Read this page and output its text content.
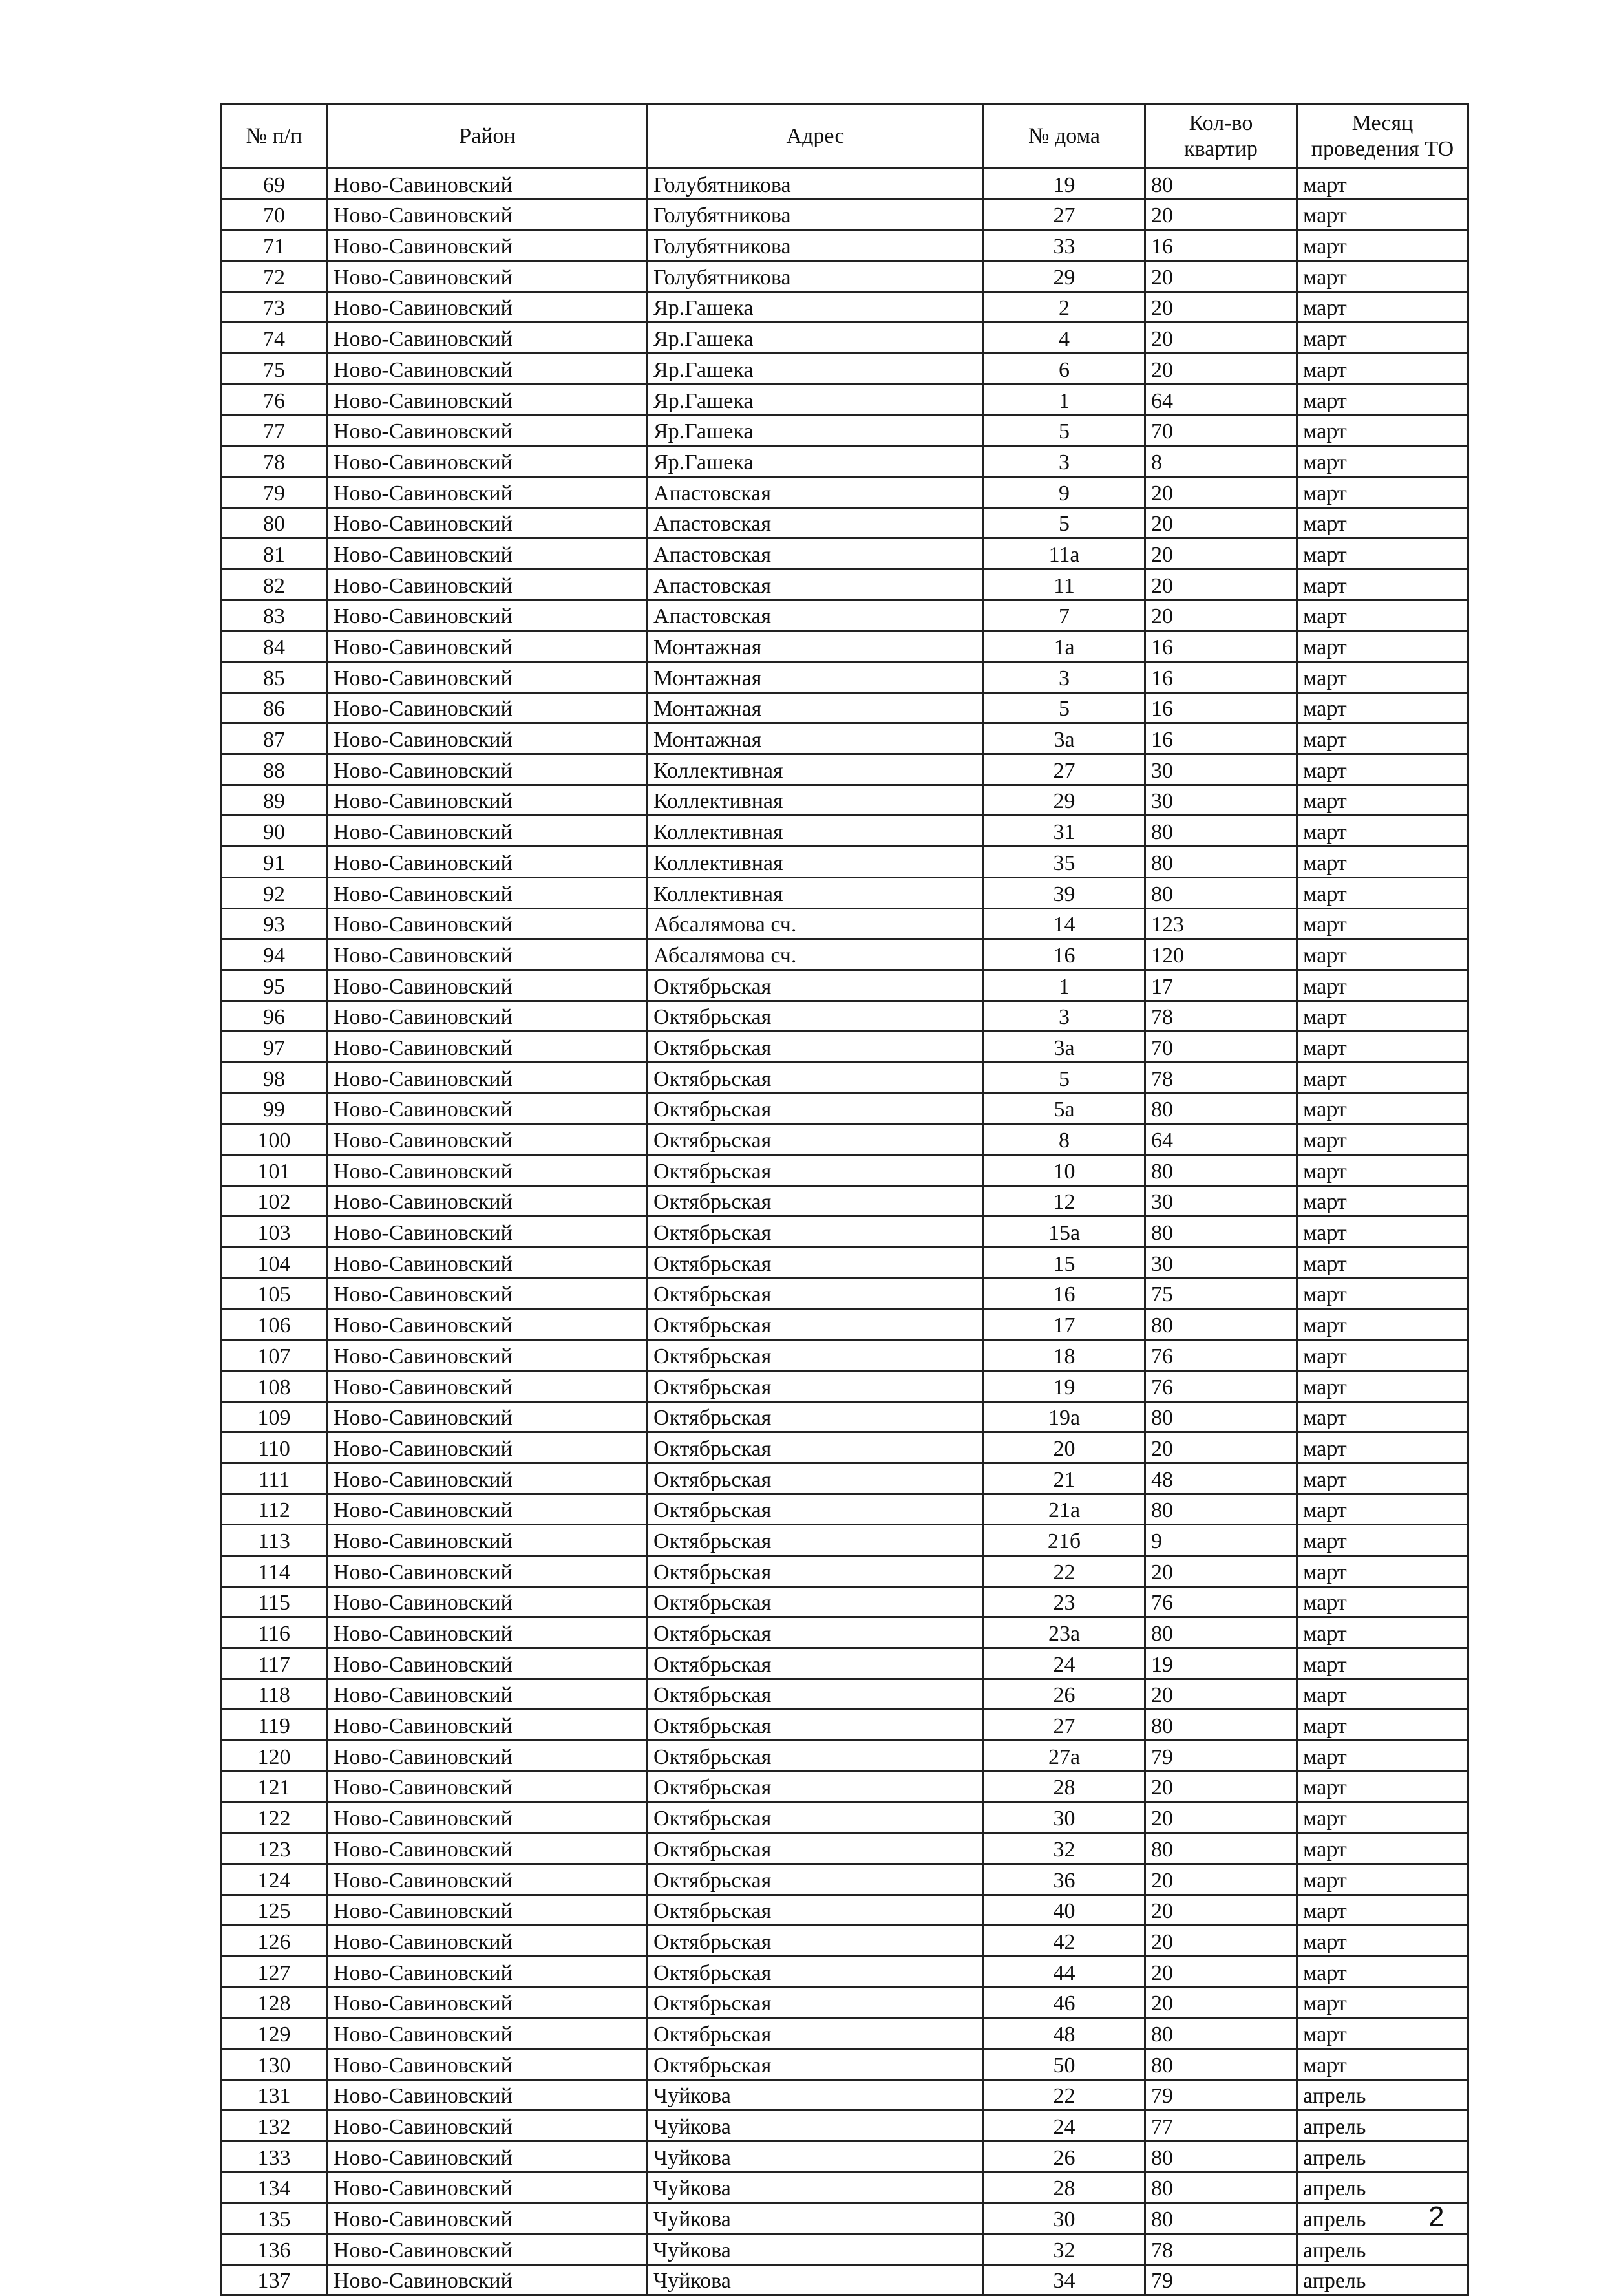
№ п/п	Район	Адрес	№ дома	Кол-во квартир	Месяц проведения ТО
69	Ново-Савиновский	Голубятникова	19	80	март
70	Ново-Савиновский	Голубятникова	27	20	март
71	Ново-Савиновский	Голубятникова	33	16	март
72	Ново-Савиновский	Голубятникова	29	20	март
73	Ново-Савиновский	Яр.Гашека	2	20	март
74	Ново-Савиновский	Яр.Гашека	4	20	март
75	Ново-Савиновский	Яр.Гашека	6	20	март
76	Ново-Савиновский	Яр.Гашека	1	64	март
77	Ново-Савиновский	Яр.Гашека	5	70	март
78	Ново-Савиновский	Яр.Гашека	3	8	март
79	Ново-Савиновский	Апастовская	9	20	март
80	Ново-Савиновский	Апастовская	5	20	март
81	Ново-Савиновский	Апастовская	11а	20	март
82	Ново-Савиновский	Апастовская	11	20	март
83	Ново-Савиновский	Апастовская	7	20	март
84	Ново-Савиновский	Монтажная	1а	16	март
85	Ново-Савиновский	Монтажная	3	16	март
86	Ново-Савиновский	Монтажная	5	16	март
87	Ново-Савиновский	Монтажная	3а	16	март
88	Ново-Савиновский	Коллективная	27	30	март
89	Ново-Савиновский	Коллективная	29	30	март
90	Ново-Савиновский	Коллективная	31	80	март
91	Ново-Савиновский	Коллективная	35	80	март
92	Ново-Савиновский	Коллективная	39	80	март
93	Ново-Савиновский	Абсалямова сч.	14	123	март
94	Ново-Савиновский	Абсалямова сч.	16	120	март
95	Ново-Савиновский	Октябрьская	1	17	март
96	Ново-Савиновский	Октябрьская	3	78	март
97	Ново-Савиновский	Октябрьская	3а	70	март
98	Ново-Савиновский	Октябрьская	5	78	март
99	Ново-Савиновский	Октябрьская	5а	80	март
100	Ново-Савиновский	Октябрьская	8	64	март
101	Ново-Савиновский	Октябрьская	10	80	март
102	Ново-Савиновский	Октябрьская	12	30	март
103	Ново-Савиновский	Октябрьская	15а	80	март
104	Ново-Савиновский	Октябрьская	15	30	март
105	Ново-Савиновский	Октябрьская	16	75	март
106	Ново-Савиновский	Октябрьская	17	80	март
107	Ново-Савиновский	Октябрьская	18	76	март
108	Ново-Савиновский	Октябрьская	19	76	март
109	Ново-Савиновский	Октябрьская	19а	80	март
110	Ново-Савиновский	Октябрьская	20	20	март
111	Ново-Савиновский	Октябрьская	21	48	март
112	Ново-Савиновский	Октябрьская	21а	80	март
113	Ново-Савиновский	Октябрьская	21б	9	март
114	Ново-Савиновский	Октябрьская	22	20	март
115	Ново-Савиновский	Октябрьская	23	76	март
116	Ново-Савиновский	Октябрьская	23а	80	март
117	Ново-Савиновский	Октябрьская	24	19	март
118	Ново-Савиновский	Октябрьская	26	20	март
119	Ново-Савиновский	Октябрьская	27	80	март
120	Ново-Савиновский	Октябрьская	27а	79	март
121	Ново-Савиновский	Октябрьская	28	20	март
122	Ново-Савиновский	Октябрьская	30	20	март
123	Ново-Савиновский	Октябрьская	32	80	март
124	Ново-Савиновский	Октябрьская	36	20	март
125	Ново-Савиновский	Октябрьская	40	20	март
126	Ново-Савиновский	Октябрьская	42	20	март
127	Ново-Савиновский	Октябрьская	44	20	март
128	Ново-Савиновский	Октябрьская	46	20	март
129	Ново-Савиновский	Октябрьская	48	80	март
130	Ново-Савиновский	Октябрьская	50	80	март
131	Ново-Савиновский	Чуйкова	22	79	апрель
132	Ново-Савиновский	Чуйкова	24	77	апрель
133	Ново-Савиновский	Чуйкова	26	80	апрель
134	Ново-Савиновский	Чуйкова	28	80	апрель
135	Ново-Савиновский	Чуйкова	30	80	апрель
136	Ново-Савиновский	Чуйкова	32	78	апрель
137	Ново-Савиновский	Чуйкова	34	79	апрель
2
